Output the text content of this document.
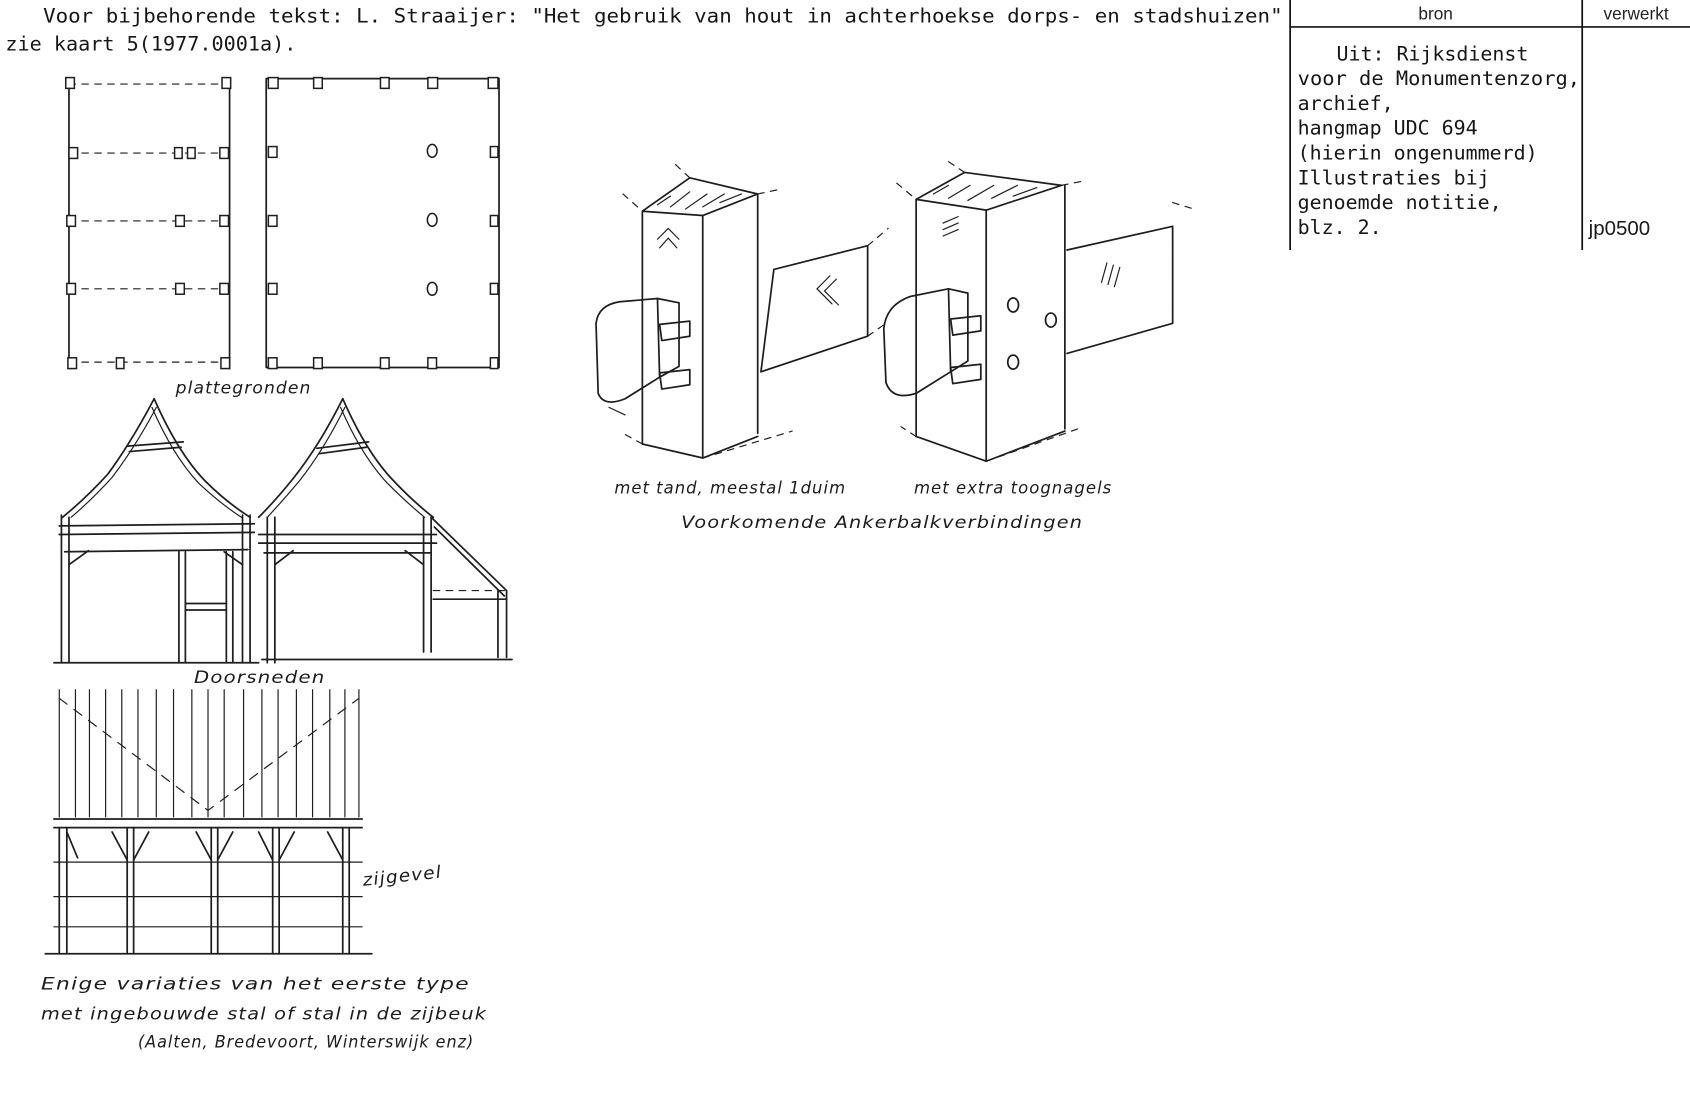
Voor bijbehorende tekst: L. Straaijer: "Het gebruik van hout in achterhoekse dorps- en stadshuizen"
zie kaart 5(1977.0001a).
bron	verwerkt
Uit: Rijksdienst
voor de Monumentenzorg,
archief,
hangmap UDC 694
(hierin ongenummerd)
Illustraties bij
genoemde notitie,
blz. 2.	jp0500
plattegronden
Doorsneden
zijgevel
Enige variaties van het eerste type
met ingebouwde stal of stal in de zijbeuk
(Aalten, Bredevoort, Winterswijk enz)
met tand, meestal 1duim	met extra toognagels
Voorkomende Ankerbalkverbindingen
